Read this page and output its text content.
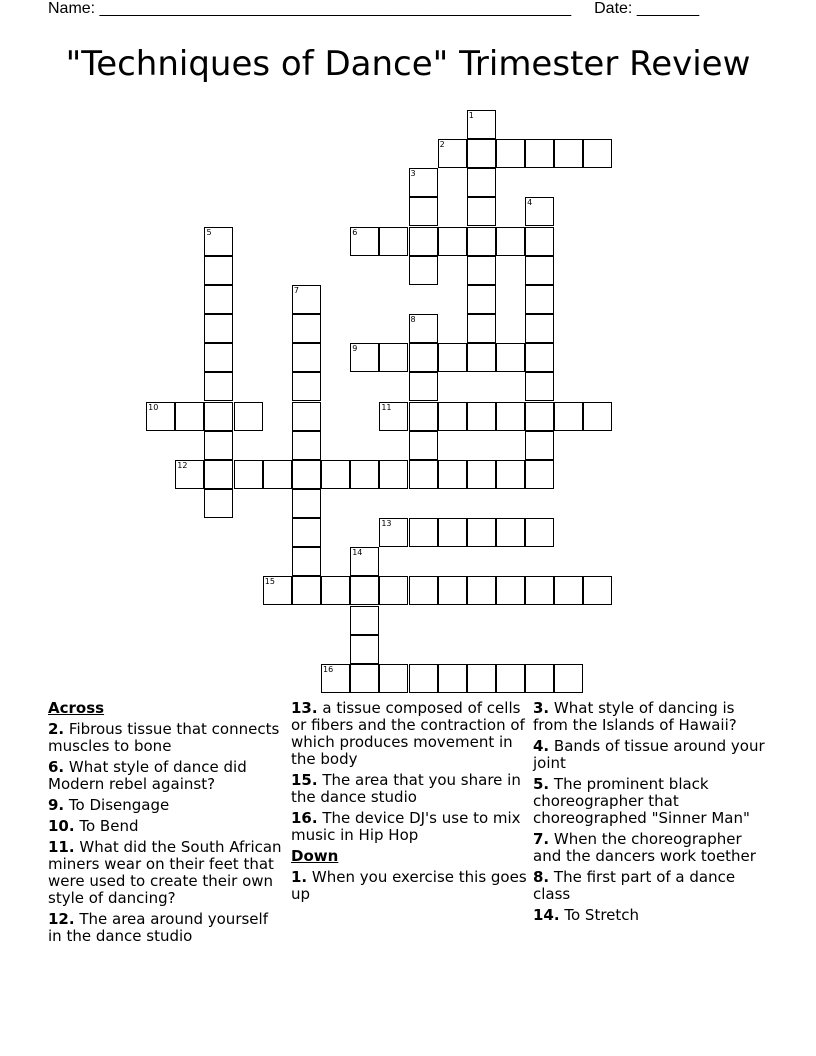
Name: _____________________________________________________ Date: _______
"Techniques of Dance" Trimester Review
1
2
3
4
5	6
7
8
9
10	11
12
13
14
15
16
Across
2. Fibrous tissue that connects muscles to bone
6. What style of dance did Modern rebel against?
9. To Disengage
10. To Bend
11. What did the South African miners wear on their feet that were used to create their own style of dancing?
12. The area around yourself in the dance studio
13. a tissue composed of cells or fibers and the contraction of which produces movement in the body
15. The area that you share in the dance studio
16. The device DJ's use to mix music in Hip Hop
Down
1. When you exercise this goes up
3. What style of dancing is from the Islands of Hawaii?
4. Bands of tissue around your joint
5. The prominent black choreographer that choreographed "Sinner Man"
7. When the choreographer and the dancers work toether
8. The first part of a dance class
14. To Stretch
